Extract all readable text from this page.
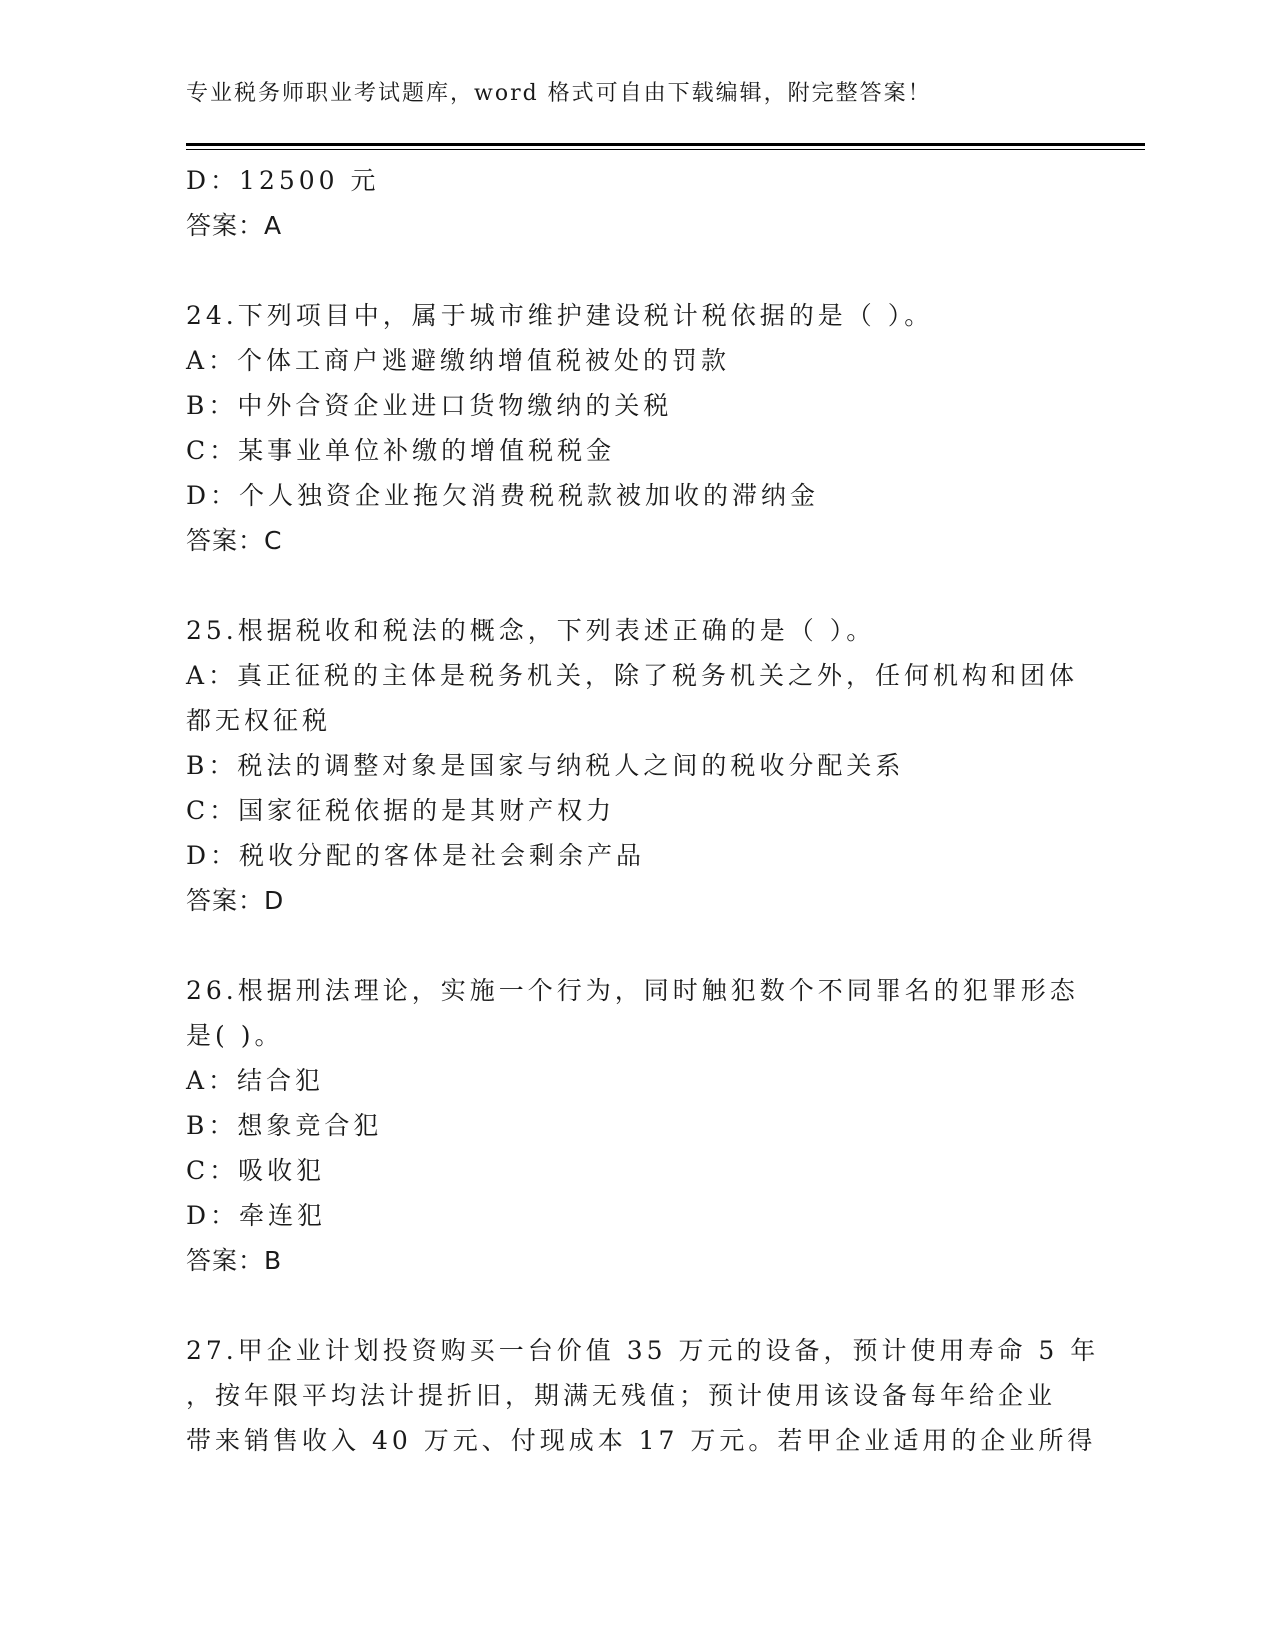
专业税务师职业考试题库，word 格式可自由下载编辑，附完整答案！
D：12500 元
答案：A
24.下列项目中，属于城市维护建设税计税依据的是（ ）。
A：个体工商户逃避缴纳增值税被处的罚款
B：中外合资企业进口货物缴纳的关税
C：某事业单位补缴的增值税税金
D：个人独资企业拖欠消费税税款被加收的滞纳金
答案：C
25.根据税收和税法的概念，下列表述正确的是（ ）。
A：真正征税的主体是税务机关，除了税务机关之外，任何机构和团体
都无权征税
B：税法的调整对象是国家与纳税人之间的税收分配关系
C：国家征税依据的是其财产权力
D：税收分配的客体是社会剩余产品
答案：D
26.根据刑法理论，实施一个行为，同时触犯数个不同罪名的犯罪形态
是( )。
A：结合犯
B：想象竞合犯
C：吸收犯
D：牵连犯
答案：B
27.甲企业计划投资购买一台价值 35 万元的设备，预计使用寿命 5 年
，按年限平均法计提折旧，期满无残值；预计使用该设备每年给企业
带来销售收入 40 万元、付现成本 17 万元。若甲企业适用的企业所得
